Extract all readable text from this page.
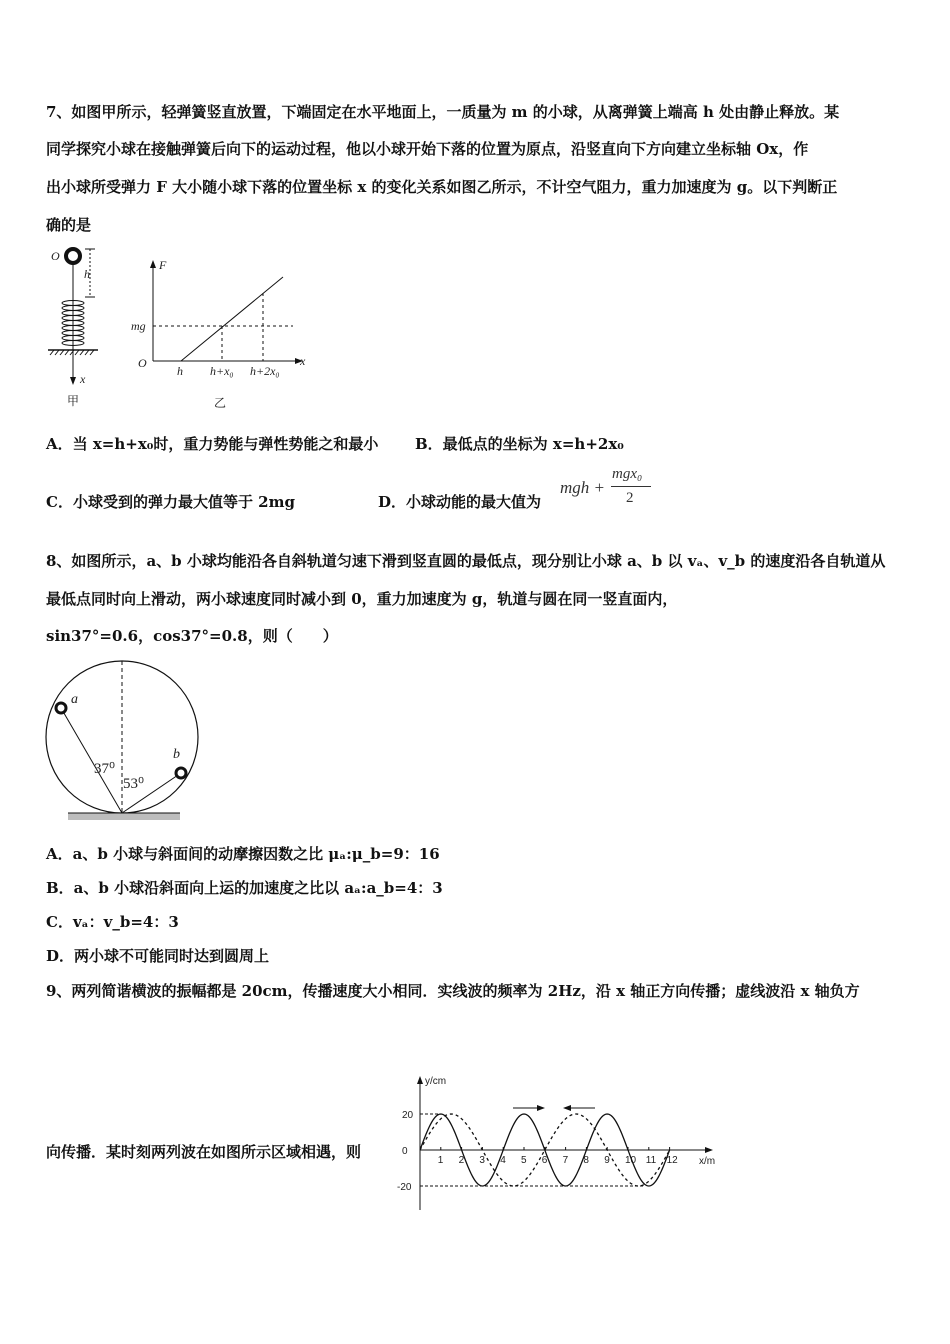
7、如图甲所示，轻弹簧竖直放置，下端固定在水平地面上，一质量为 m 的小球，从离弹簧上端高 h 处由静止释放。某
同学探究小球在接触弹簧后向下的运动过程，他以小球开始下落的位置为原点，沿竖直向下方向建立坐标轴 Ox，作
出小球所受弹力 F 大小随小球下落的位置坐标 x 的变化关系如图乙所示，不计空气阻力，重力加速度为 g。以下判断正
确的是
O
h
x
甲
F
x
O
mg
h h+x₀ h+2x₀
乙
A．当 x=h+x₀时，重力势能与弹性势能之和最小 B．最低点的坐标为 x=h+2x₀
C．小球受到的弹力最大值等于 2mg	D．小球动能的最大值为
mgh +
mgx₀
2
8、如图所示，a、b 小球均能沿各自斜轨道匀速下滑到竖直圆的最低点，现分别让小球 a、b 以 vₐ、v_b 的速度沿各自轨道从
最低点同时向上滑动，两小球速度同时减小到 0，重力加速度为 g，轨道与圆在同一竖直面内，
sin37°=0.6，cos37°=0.8，则（　　）
a
b
37⁰
53⁰
A．a、b 小球与斜面间的动摩擦因数之比 μₐ:μ_b=9：16
B．a、b 小球沿斜面向上运的加速度之比以 aₐ:a_b=4：3
C．vₐ：v_b=4：3
D．两小球不可能同时达到圆周上
9、两列简谐横波的振幅都是 20cm，传播速度大小相同．实线波的频率为 2Hz，沿 x 轴正方向传播；虚线波沿 x 轴负方
向传播．某时刻两列波在如图所示区域相遇，则
y/cm
x/m
1 2 3 4 5 6 7 8 9 10 11 12
20
0
-20
